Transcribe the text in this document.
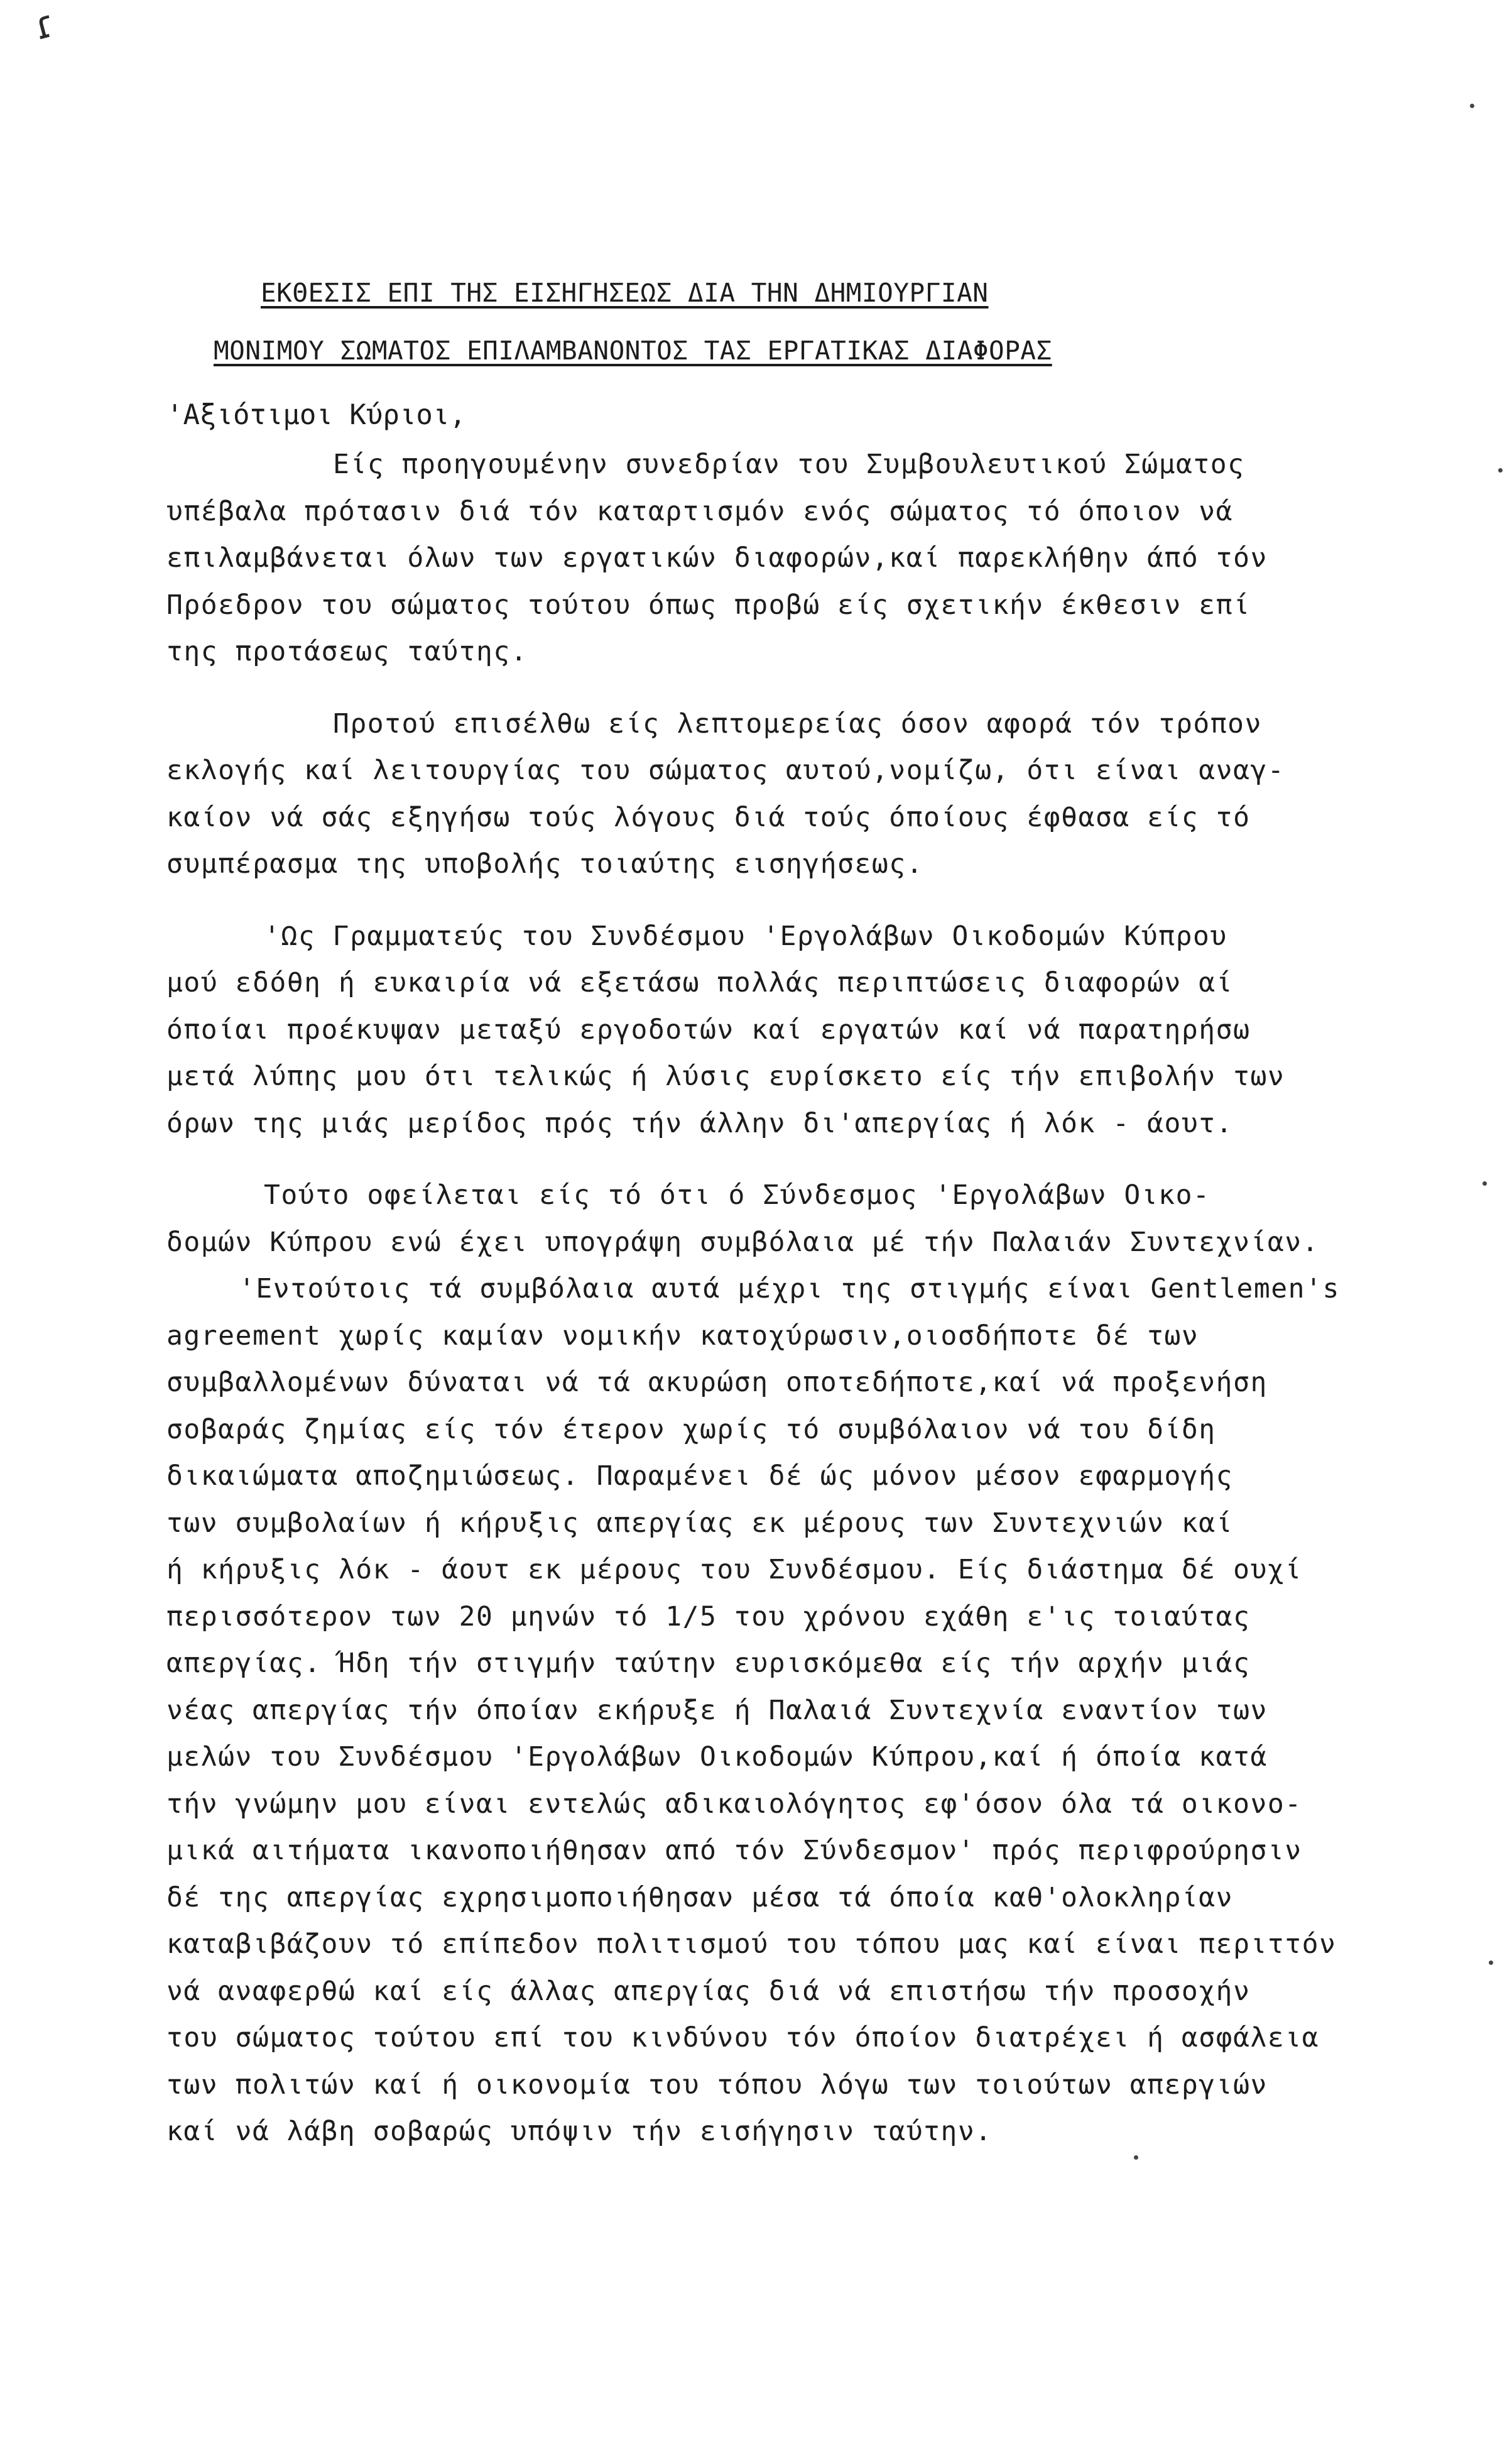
ɾ
ΕΚΘΕΣΙΣ ΕΠΙ ΤΗΣ ΕΙΣΗΓΗΣΕΩΣ ΔΙΑ ΤΗΝ ΔΗΜΙΟΥΡΓΙΑΝ
ΜΟΝΙΜΟΥ ΣΩΜΑΤΟΣ ΕΠΙΛΑΜΒΑΝΟΝΤΟΣ ΤΑΣ ΕΡΓΑΤΙΚΑΣ ΔΙΑΦΟΡΑΣ
'Αξιότιμοι Κύριοι,
Είς προηγουμένην συνεδρίαν του Συμβουλευτικού Σώματος
υπέβαλα πρότασιν διά τόν καταρτισμόν ενός σώματος τό όποιον νά
επιλαμβάνεται όλων των εργατικών διαφορών,καί παρεκλήθην άπό τόν
Πρόεδρον του σώματος τούτου όπως προβώ είς σχετικήν έκθεσιν επί
της προτάσεως ταύτης.
Προτού επισέλθω είς λεπτομερείας όσον αφορά τόν τρόπον
εκλογής καί λειτουργίας του σώματος αυτού,νομίζω, ότι είναι αναγ-
καίον νά σάς εξηγήσω τούς λόγους διά τούς όποίους έφθασα είς τό
συμπέρασμα της υποβολής τοιαύτης εισηγήσεως.
'Ως Γραμματεύς του Συνδέσμου 'Εργολάβων Οικοδομών Κύπρου
μού εδόθη ή ευκαιρία νά εξετάσω πολλάς περιπτώσεις διαφορών αί
όποίαι προέκυψαν μεταξύ εργοδοτών καί εργατών καί νά παρατηρήσω
μετά λύπης μου ότι τελικώς ή λύσις ευρίσκετο είς τήν επιβολήν των
όρων της μιάς μερίδος πρός τήν άλλην δι'απεργίας ή λόκ - άουτ.
Τούτο οφείλεται είς τό ότι ό Σύνδεσμος 'Εργολάβων Οικο-
δομών Κύπρου ενώ έχει υπογράψη συμβόλαια μέ τήν Παλαιάν Συντεχνίαν.
'Εντούτοις τά συμβόλαια αυτά μέχρι της στιγμής είναι Gentlemen's
agreement χωρίς καμίαν νομικήν κατοχύρωσιν,οιοσδήποτε δέ των
συμβαλλομένων δύναται νά τά ακυρώση οποτεδήποτε,καί νά προξενήση
σοβαράς ζημίας είς τόν έτερον χωρίς τό συμβόλαιον νά του δίδη
δικαιώματα αποζημιώσεως. Παραμένει δέ ώς μόνον μέσον εφαρμογής
των συμβολαίων ή κήρυξις απεργίας εκ μέρους των Συντεχνιών καί
ή κήρυξις λόκ - άουτ εκ μέρους του Συνδέσμου. Είς διάστημα δέ ουχί
περισσότερον των 20 μηνών τό 1/5 του χρόνου εχάθη ε'ις τοιαύτας
απεργίας. Ήδη τήν στιγμήν ταύτην ευρισκόμεθα είς τήν αρχήν μιάς
νέας απεργίας τήν όποίαν εκήρυξε ή Παλαιά Συντεχνία εναντίον των
μελών του Συνδέσμου 'Εργολάβων Οικοδομών Κύπρου,καί ή όποία κατά
τήν γνώμην μου είναι εντελώς αδικαιολόγητος εφ'όσον όλα τά οικονο-
μικά αιτήματα ικανοποιήθησαν από τόν Σύνδεσμον' πρός περιφρούρησιν
δέ της απεργίας εχρησιμοποιήθησαν μέσα τά όποία καθ'ολοκληρίαν
καταβιβάζουν τό επίπεδον πολιτισμού του τόπου μας καί είναι περιττόν
νά αναφερθώ καί είς άλλας απεργίας διά νά επιστήσω τήν προσοχήν
του σώματος τούτου επί του κινδύνου τόν όποίον διατρέχει ή ασφάλεια
των πολιτών καί ή οικονομία του τόπου λόγω των τοιούτων απεργιών
καί νά λάβη σοβαρώς υπόψιν τήν εισήγησιν ταύτην.
